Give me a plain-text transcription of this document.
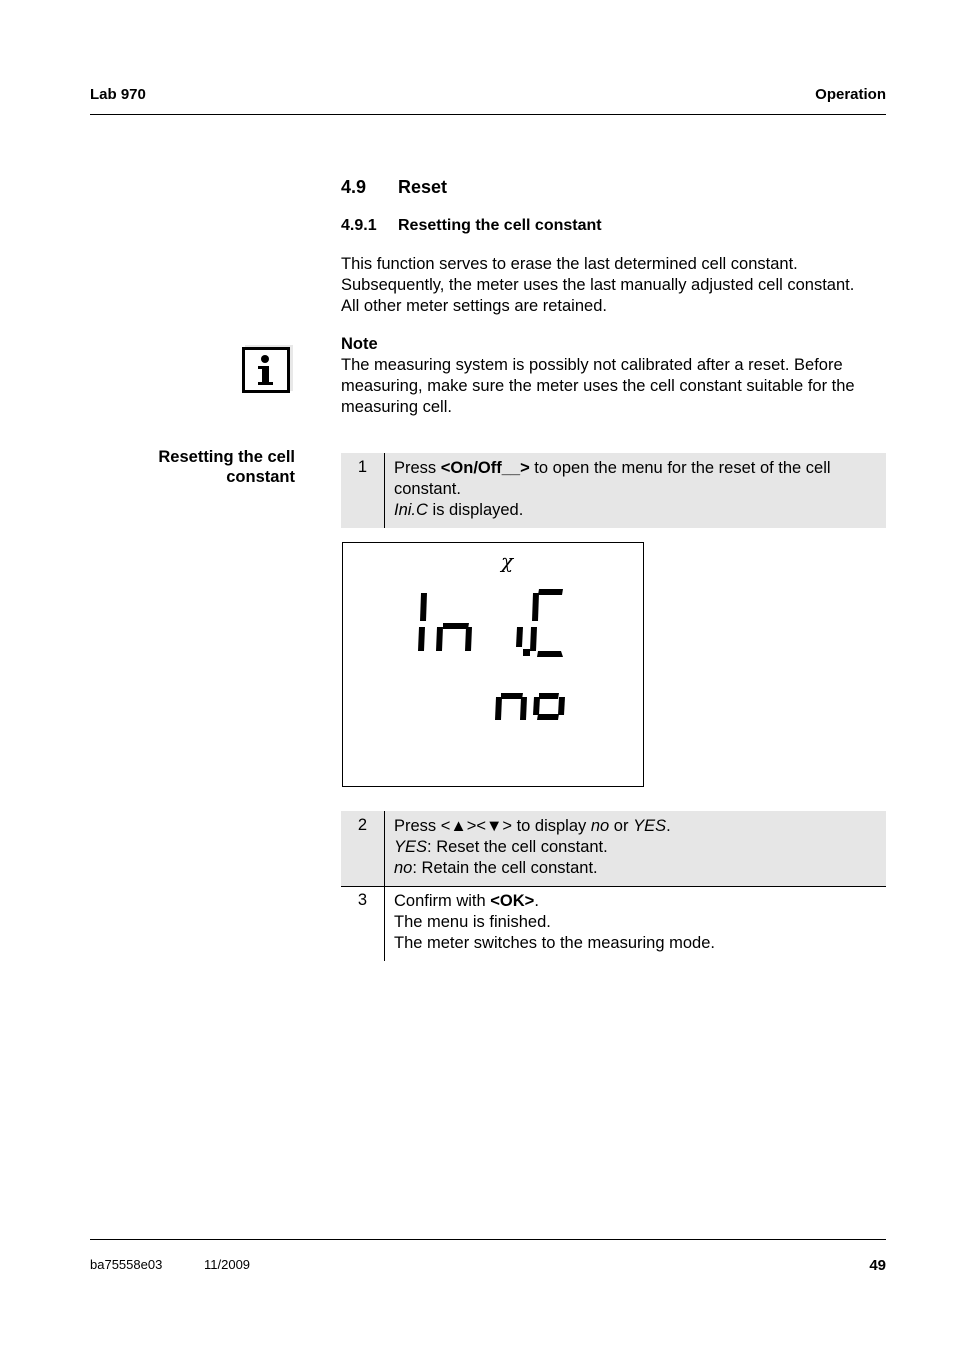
Lab 970	Operation
4.9 Reset
4.9.1 Resetting the cell constant
This function serves to erase the last determined cell constant.
Subsequently, the meter uses the last manually adjusted cell constant.
All other meter settings are retained.
Note
The measuring system is possibly not calibrated after a reset. Before
measuring, make sure the meter uses the cell constant suitable for the
measuring cell.
Resetting the cell
constant
1	Press <On/Off__> to open the menu for the reset of the cell
constant.
Ini.C is displayed.
χ
2	Press <▲><▼> to display no or YES.
YES: Reset the cell constant.
no: Retain the cell constant.
3	Confirm with <OK>.
The menu is finished.
The meter switches to the measuring mode.
ba75558e03	11/2009	49
